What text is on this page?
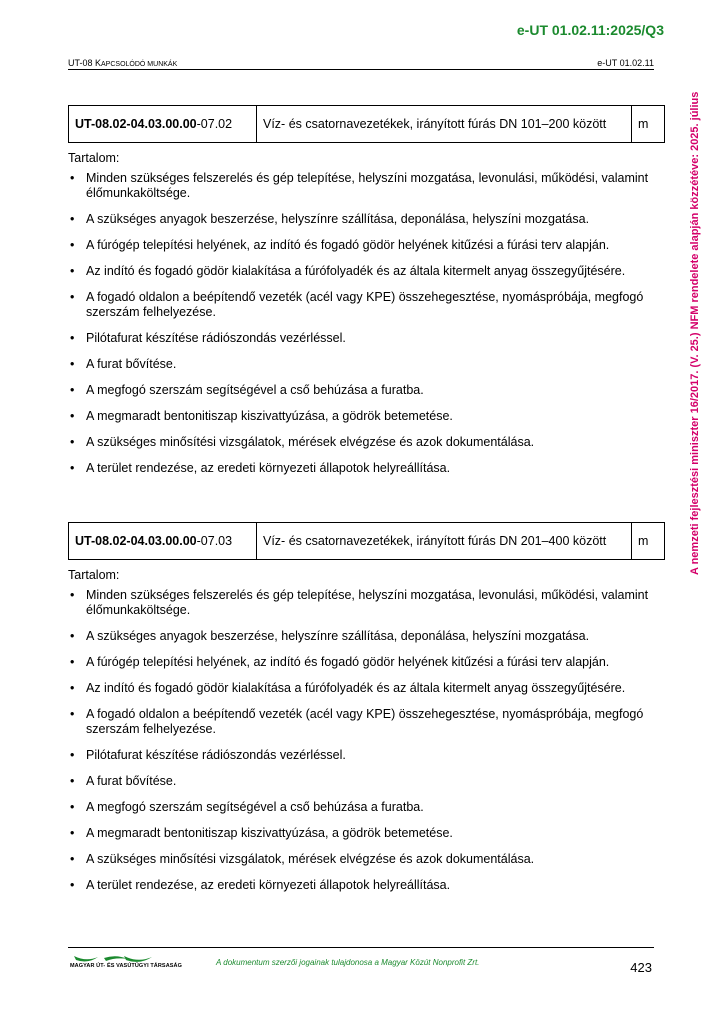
e-UT 01.02.11:2025/Q3
UT-08 KAPCSOLÓDÓ MUNKÁK	e-UT 01.02.11
A nemzeti fejlesztési miniszter 16/2017. (V. 25.) NFM rendelete alapján közzétéve: 2025. július
UT-08.02-04.03.00.00-07.02	Víz- és csatornavezetékek, irányított fúrás DN 101–200 között	m
Tartalom:
• Minden szükséges felszerelés és gép telepítése, helyszíni mozgatása, levonulási, működési, valamint élőmunkaköltsége.
• A szükséges anyagok beszerzése, helyszínre szállítása, deponálása, helyszíni mozgatása.
• A fúrógép telepítési helyének, az indító és fogadó gödör helyének kitűzési a fúrási terv alapján.
• Az indító és fogadó gödör kialakítása a fúrófolyadék és az általa kitermelt anyag összegyűjtésére.
• A fogadó oldalon a beépítendő vezeték (acél vagy KPE) összehegesztése, nyomáspróbája, megfogó szerszám felhelyezése.
• Pilótafurat készítése rádiószondás vezérléssel.
• A furat bővítése.
• A megfogó szerszám segítségével a cső behúzása a furatba.
• A megmaradt bentonitiszap kiszivattyúzása, a gödrök betemetése.
• A szükséges minősítési vizsgálatok, mérések elvégzése és azok dokumentálása.
• A terület rendezése, az eredeti környezeti állapotok helyreállítása.
UT-08.02-04.03.00.00-07.03	Víz- és csatornavezetékek, irányított fúrás DN 201–400 között	m
Tartalom:
• Minden szükséges felszerelés és gép telepítése, helyszíni mozgatása, levonulási, működési, valamint élőmunkaköltsége.
• A szükséges anyagok beszerzése, helyszínre szállítása, deponálása, helyszíni mozgatása.
• A fúrógép telepítési helyének, az indító és fogadó gödör helyének kitűzési a fúrási terv alapján.
• Az indító és fogadó gödör kialakítása a fúrófolyadék és az általa kitermelt anyag összegyűjtésére.
• A fogadó oldalon a beépítendő vezeték (acél vagy KPE) összehegesztése, nyomáspróbája, megfogó szerszám felhelyezése.
• Pilótafurat készítése rádiószondás vezérléssel.
• A furat bővítése.
• A megfogó szerszám segítségével a cső behúzása a furatba.
• A megmaradt bentonitiszap kiszivattyúzása, a gödrök betemetése.
• A szükséges minősítési vizsgálatok, mérések elvégzése és azok dokumentálása.
• A terület rendezése, az eredeti környezeti állapotok helyreállítása.
MAGYAR ÚT- ÉS VASÚTÜGYI TÁRSASÁG	A dokumentum szerzői jogainak tulajdonosa a Magyar Közút Nonprofit Zrt.	423
